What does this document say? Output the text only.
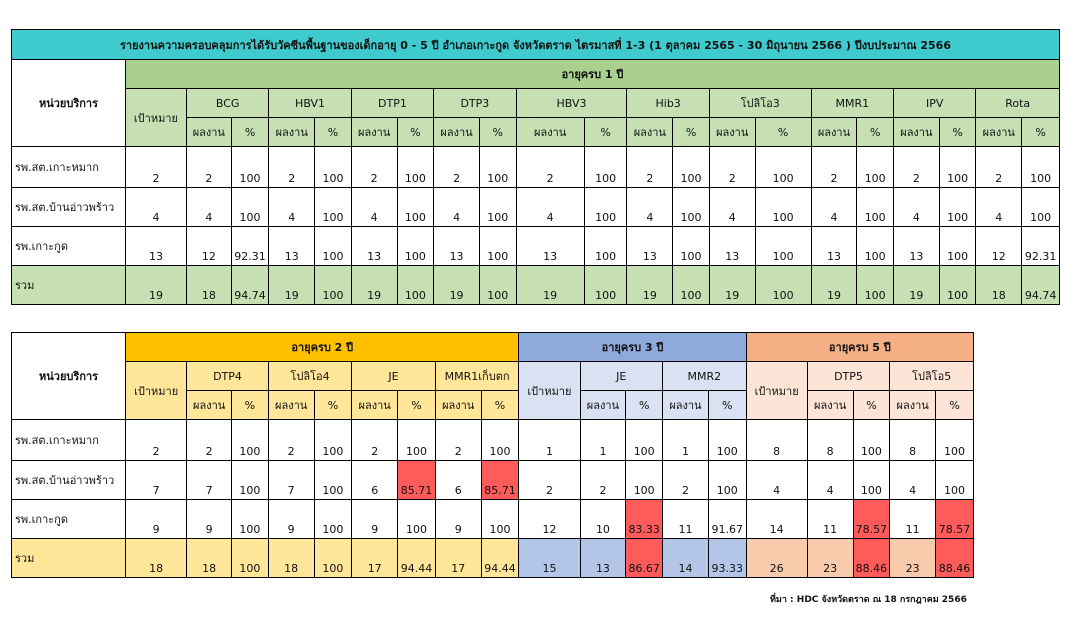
รายงานความครอบคลุมการได้รับวัคซีนพื้นฐานของเด็กอายุ 0 - 5 ปี อำเภอเกาะกูด จังหวัดตราด ไตรมาสที่ 1-3 (1 ตุลาคม 2565 - 30 มิถุนายน 2566 ) ปีงบประมาณ 2566																					
หน่วยบริการ	อายุครบ 1 ปี																				
	เป้าหมาย	BCG		HBV1		DTP1		DTP3		HBV3		Hib3		โปลิโอ3		MMR1		IPV		Rota	
		ผลงาน	%	ผลงาน	%	ผลงาน	%	ผลงาน	%	ผลงาน	%	ผลงาน	%	ผลงาน	%	ผลงาน	%	ผลงาน	%	ผลงาน	%
รพ.สต.เกาะหมาก	2	2	100	2	100	2	100	2	100	2	100	2	100	2	100	2	100	2	100	2	100
รพ.สต.บ้านอ่าวพร้าว	4	4	100	4	100	4	100	4	100	4	100	4	100	4	100	4	100	4	100	4	100
รพ.เกาะกูด	13	12	92.31	13	100	13	100	13	100	13	100	13	100	13	100	13	100	13	100	12	92.31
รวม	19	18	94.74	19	100	19	100	19	100	19	100	19	100	19	100	19	100	19	100	18	94.74
หน่วยบริการ	อายุครบ 2 ปี									อายุครบ 3 ปี					อายุครบ 5 ปี				
	เป้าหมาย	DTP4		โปลิโอ4		JE		MMR1เก็บตก		เป้าหมาย	JE		MMR2		เป้าหมาย	DTP5		โปลิโอ5	
		ผลงาน	%	ผลงาน	%	ผลงาน	%	ผลงาน	%		ผลงาน	%	ผลงาน	%		ผลงาน	%	ผลงาน	%
รพ.สต.เกาะหมาก	2	2	100	2	100	2	100	2	100	1	1	100	1	100	8	8	100	8	100
รพ.สต.บ้านอ่าวพร้าว	7	7	100	7	100	6	85.71	6	85.71	2	2	100	2	100	4	4	100	4	100
รพ.เกาะกูด	9	9	100	9	100	9	100	9	100	12	10	83.33	11	91.67	14	11	78.57	11	78.57
รวม	18	18	100	18	100	17	94.44	17	94.44	15	13	86.67	14	93.33	26	23	88.46	23	88.46
ที่มา : HDC จังหวัดตราด ณ 18 กรกฎาคม 2566
